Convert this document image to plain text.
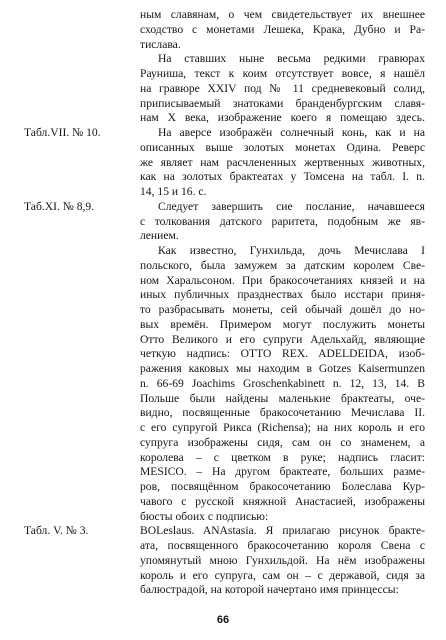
ным славянам, о чем свидетельствует их внешнее
сходство с монетами Лешека, Крака, Дубно и Ра-
тислава.
На ставших ныне весьма редкими гравюрах
Рауниша, текст к коим отсутствует вовсе, я нашёл
на гравюре XXIV под № 11 средневековый солид,
приписываемый знатоками бранденбургским славя-
нам X века, изображение коего я помещаю здесь.
На аверсе изображён солнечный конь, как и на
описанных выше золотых монетах Одина. Реверс
же являет нам расчлененных жертвенных животных,
как на золотых брактеатах у Томсена на табл. I. n.
14, 15 и 16. с.
Следует завершить сие послание, начавшееся
с толкования датского раритета, подобным же яв-
лением.
Как известно, Гунхильда, дочь Мечислава I
польского, была замужем за датским королем Све-
ном Харальсоном. При бракосочетаниях князей и на
иных публичных празднествах было исстари приня-
то разбрасывать монеты, сей обычай дошёл до но-
вых времён. Примером могут послужить монеты
Отто Великого и его супруги Адельхайд, являющие
четкую надпись: OTTO REX. ADELDEIDA, изоб-
ражения каковых мы находим в Gotzes Kaisermunzen
n. 66-69 Joachims Groschenkabinett n. 12, 13, 14. В
Польше были найдены маленькие брактеаты, оче-
видно, посвященные бракосочетанию Мечислава II.
с его супругой Рикса (Richensa); на них король и его
супруга изображены сидя, сам он со знаменем, а
королева – с цветком в руке; надпись гласит:
MESICO. – На другом брактеате, больших разме-
ров, посвящённом бракосочетанию Болеслава Кур-
чавого с русской княжной Анастасией, изображены
бюсты обоих с подписью:
BOLeslaus. ANAstasia. Я прилагаю рисунок бракте-
ата, посвященного бракосочетанию короля Свена с
упомянутый мною Гунхильдой. На нём изображены
король и его супруга, сам он – с державой, сидя за
балюстрадой, на которой начертано имя принцессы:
Табл.VII. № 10.
Таб.XI. № 8,9.
Табл. V. № 3.
66
